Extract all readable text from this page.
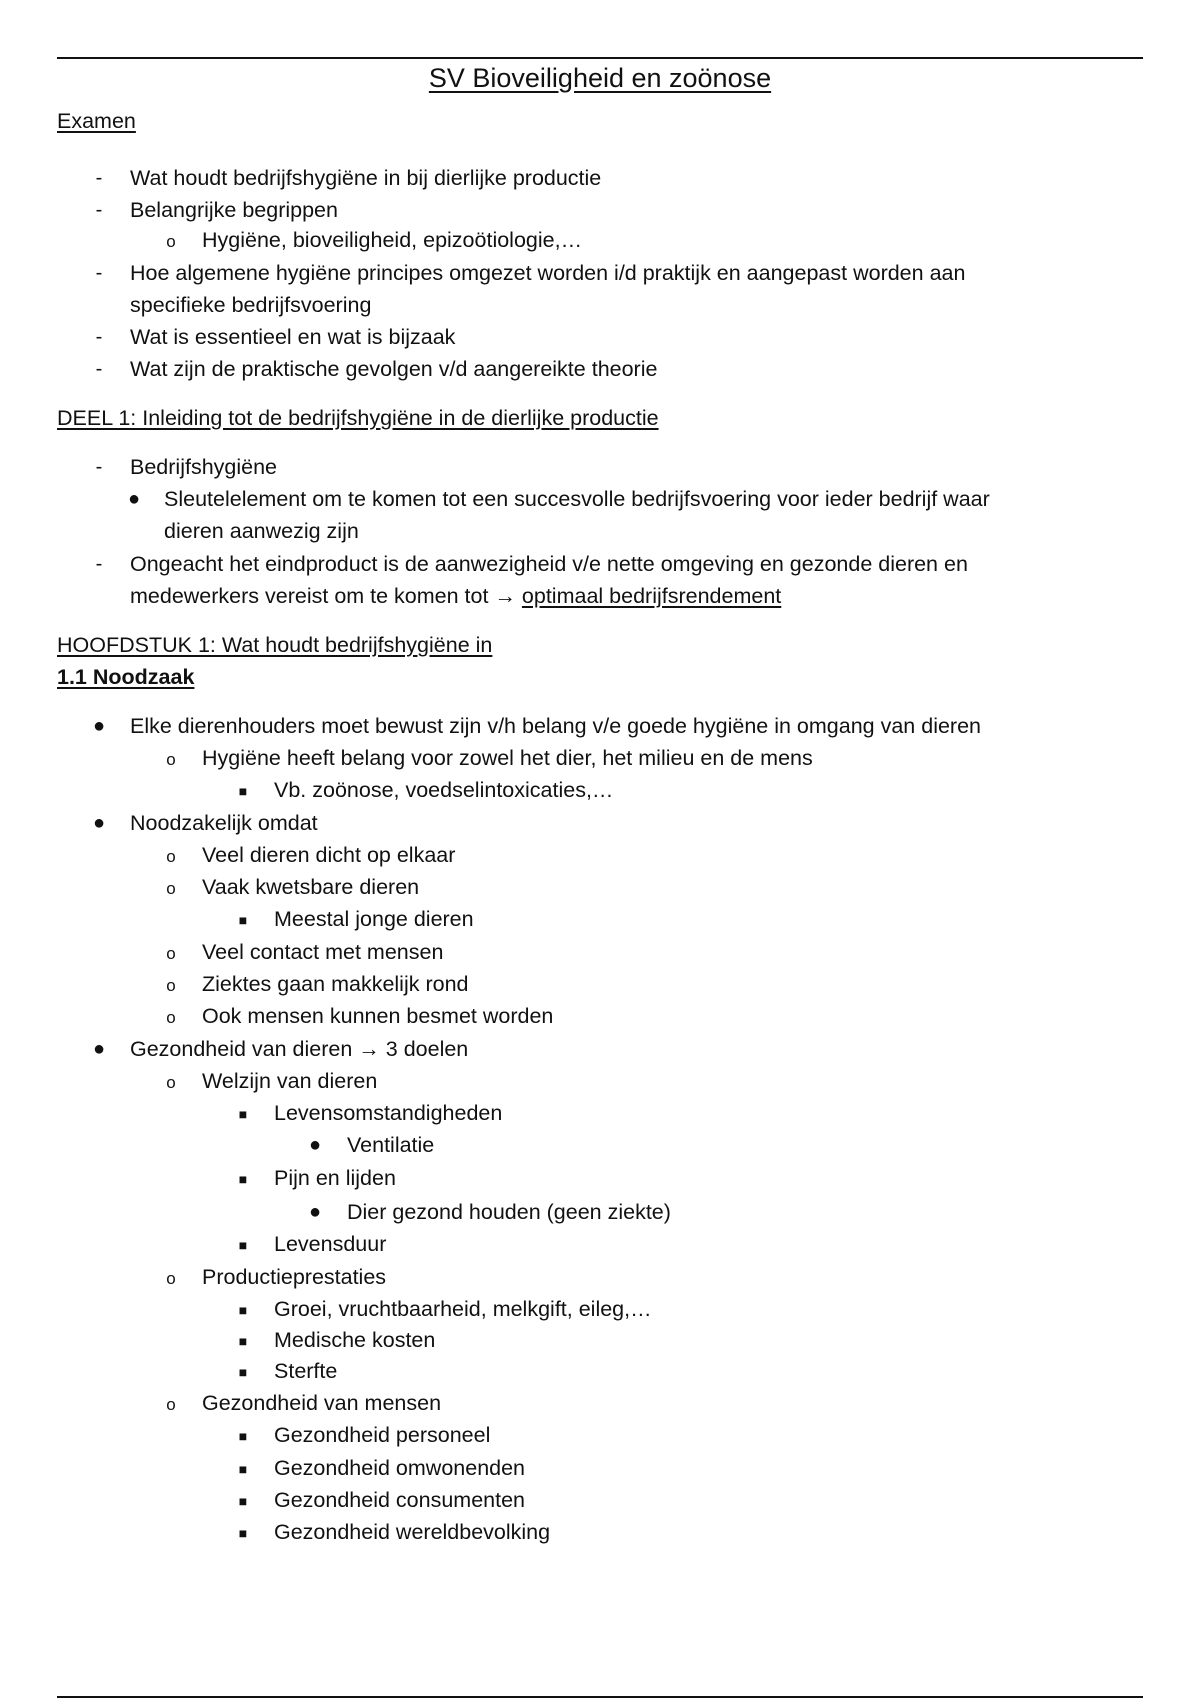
SV Bioveiligheid en zoönose
Examen
-	Wat houdt bedrijfshygiëne in bij dierlijke productie
-	Belangrijke begrippen
o Hygiëne, bioveiligheid, epizoötiologie,…
-	Hoe algemene hygiëne principes omgezet worden i/d praktijk en aangepast worden aan
specifieke bedrijfsvoering
-	Wat is essentieel en wat is bijzaak
-	Wat zijn de praktische gevolgen v/d aangereikte theorie
DEEL 1: Inleiding tot de bedrijfshygiëne in de dierlijke productie
-	Bedrijfshygiëne
● Sleutelelement om te komen tot een succesvolle bedrijfsvoering voor ieder bedrijf waar
dieren aanwezig zijn
-	Ongeacht het eindproduct is de aanwezigheid v/e nette omgeving en gezonde dieren en
medewerkers vereist om te komen tot → optimaal bedrijfsrendement
HOOFDSTUK 1: Wat houdt bedrijfshygiëne in
1.1 Noodzaak
● Elke dierenhouders moet bewust zijn v/h belang v/e goede hygiëne in omgang van dieren
o Hygiëne heeft belang voor zowel het dier, het milieu en de mens
■ Vb. zoönose, voedselintoxicaties,…
● Noodzakelijk omdat
o Veel dieren dicht op elkaar
o Vaak kwetsbare dieren
■ Meestal jonge dieren
o Veel contact met mensen
o Ziektes gaan makkelijk rond
o Ook mensen kunnen besmet worden
● Gezondheid van dieren → 3 doelen
o Welzijn van dieren
■ Levensomstandigheden
● Ventilatie
■ Pijn en lijden
● Dier gezond houden (geen ziekte)
■ Levensduur
o Productieprestaties
■ Groei, vruchtbaarheid, melkgift, eileg,…
■ Medische kosten
■ Sterfte
o Gezondheid van mensen
■ Gezondheid personeel
■ Gezondheid omwonenden
■ Gezondheid consumenten
■ Gezondheid wereldbevolking
